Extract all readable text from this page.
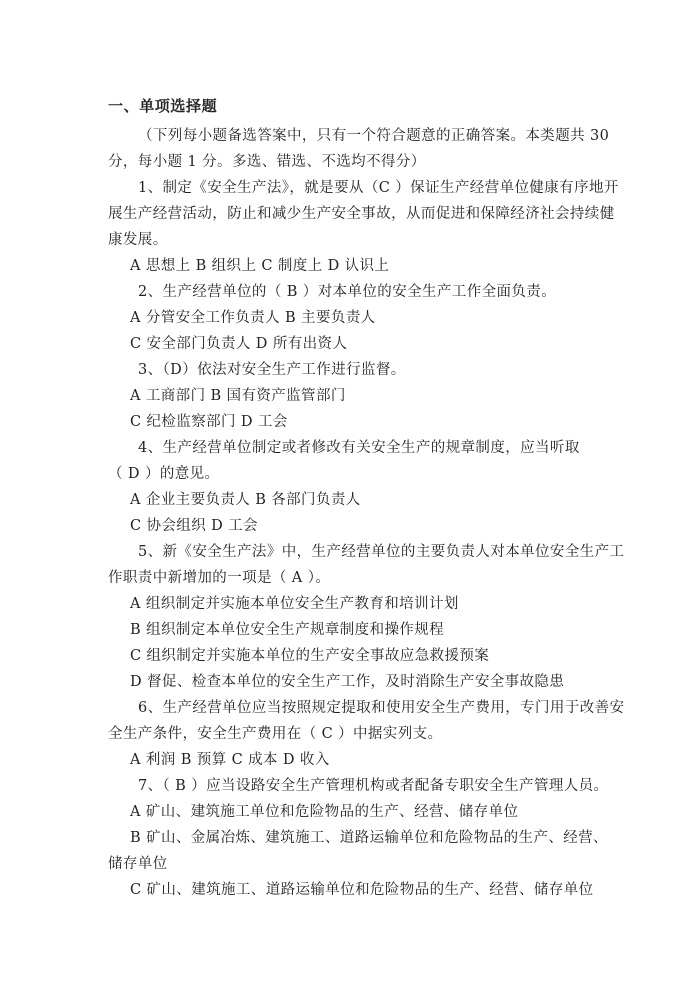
一、单项选择题
（下列每小题备选答案中，只有一个符合题意的正确答案。本类题共 30
分，每小题 1 分。多选、错选、不选均不得分）
1、制定《安全生产法》，就是要从（C ）保证生产经营单位健康有序地开
展生产经营活动，防止和减少生产安全事故，从而促进和保障经济社会持续健
康发展。
A 思想上 B 组织上 C 制度上 D 认识上
2、生产经营单位的（ B ）对本单位的安全生产工作全面负责。
A 分管安全工作负责人 B 主要负责人
C 安全部门负责人 D 所有出资人
3、（D）依法对安全生产工作进行监督。
A 工商部门 B 国有资产监管部门
C 纪检监察部门 D 工会
4、生产经营单位制定或者修改有关安全生产的规章制度，应当听取
（ D ）的意见。
A 企业主要负责人 B 各部门负责人
C 协会组织 D 工会
5、新《安全生产法》中，生产经营单位的主要负责人对本单位安全生产工
作职责中新增加的一项是（ A ）。
A 组织制定并实施本单位安全生产教育和培训计划
B 组织制定本单位安全生产规章制度和操作规程
C 组织制定并实施本单位的生产安全事故应急救援预案
D 督促、检查本单位的安全生产工作，及时消除生产安全事故隐患
6、生产经营单位应当按照规定提取和使用安全生产费用，专门用于改善安
全生产条件，安全生产费用在（ C ）中据实列支。
A 利润 B 预算 C 成本 D 收入
7、（ B ）应当设路安全生产管理机构或者配备专职安全生产管理人员。
A 矿山、建筑施工单位和危险物品的生产、经营、储存单位
B 矿山、金属冶炼、建筑施工、道路运输单位和危险物品的生产、经营、
储存单位
C 矿山、建筑施工、道路运输单位和危险物品的生产、经营、储存单位
